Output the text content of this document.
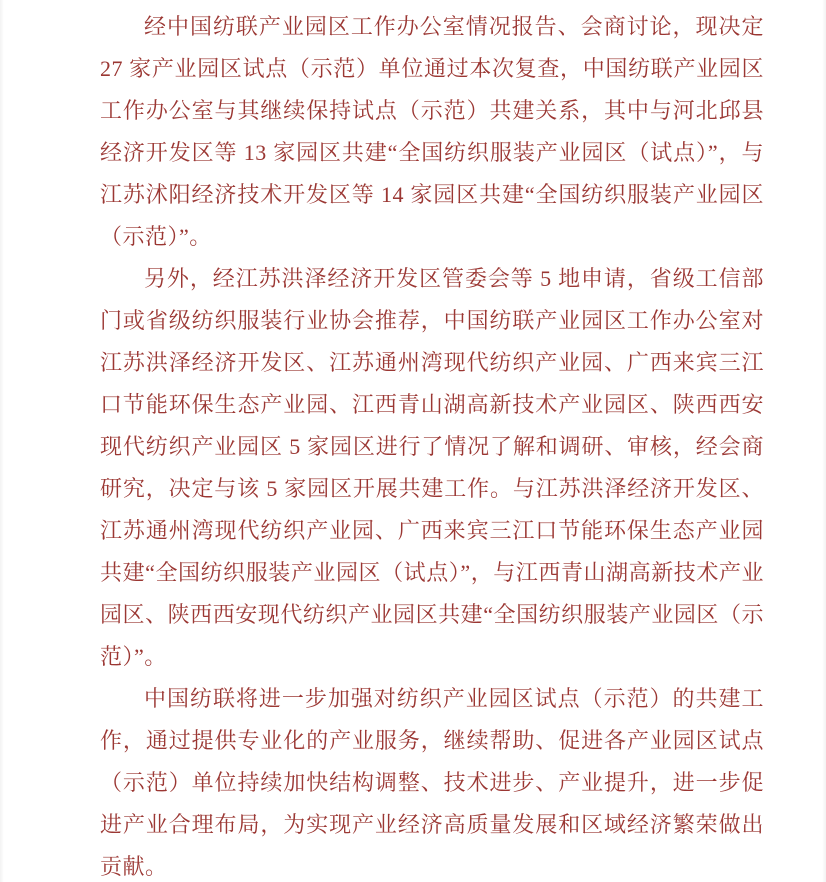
经中国纺联产业园区工作办公室情况报告、会商讨论，现决定 27 家产业园区试点（示范）单位通过本次复查，中国纺联产业园区工作办公室与其继续保持试点（示范）共建关系，其中与河北邱县经济开发区等 13 家园区共建“全国纺织服装产业园区（试点）”，与江苏沭阳经济技术开发区等 14 家园区共建“全国纺织服装产业园区（示范）”。

另外，经江苏洪泽经济开发区管委会等 5 地申请，省级工信部门或省级纺织服装行业协会推荐，中国纺联产业园区工作办公室对江苏洪泽经济开发区、江苏通州湾现代纺织产业园、广西来宾三江口节能环保生态产业园、江西青山湖高新技术产业园区、陕西西安现代纺织产业园区 5 家园区进行了情况了解和调研、审核，经会商研究，决定与该 5 家园区开展共建工作。与江苏洪泽经济开发区、江苏通州湾现代纺织产业园、广西来宾三江口节能环保生态产业园共建“全国纺织服装产业园区（试点）”，与江西青山湖高新技术产业园区、陕西西安现代纺织产业园区共建“全国纺织服装产业园区（示范）”。

中国纺联将进一步加强对纺织产业园区试点（示范）的共建工作，通过提供专业化的产业服务，继续帮助、促进各产业园区试点（示范）单位持续加快结构调整、技术进步、产业提升，进一步促进产业合理布局，为实现产业经济高质量发展和区域经济繁荣做出贡献。
